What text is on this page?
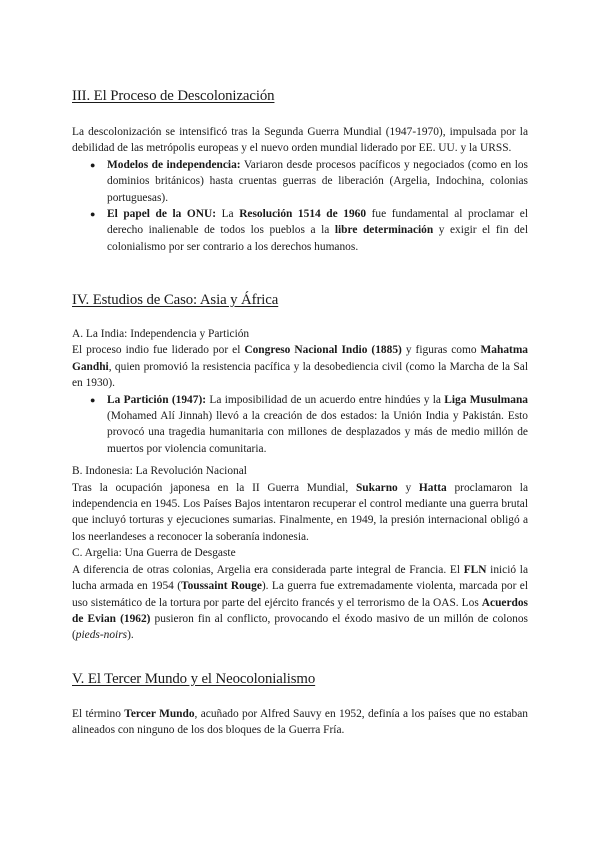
III. El Proceso de Descolonización

La descolonización se intensificó tras la Segunda Guerra Mundial (1947-1970), impulsada por la debilidad de las metrópolis europeas y el nuevo orden mundial liderado por EE. UU. y la URSS.

● Modelos de independencia: Variaron desde procesos pacíficos y negociados (como en los dominios británicos) hasta cruentas guerras de liberación (Argelia, Indochina, colonias portuguesas).
● El papel de la ONU: La Resolución 1514 de 1960 fue fundamental al proclamar el derecho inalienable de todos los pueblos a la libre determinación y exigir el fin del colonialismo por ser contrario a los derechos humanos.
IV. Estudios de Caso: Asia y África

A. La India: Independencia y Partición

El proceso indio fue liderado por el Congreso Nacional Indio (1885) y figuras como Mahatma Gandhi, quien promovió la resistencia pacífica y la desobediencia civil (como la Marcha de la Sal en 1930).

● La Partición (1947): La imposibilidad de un acuerdo entre hindúes y la Liga Musulmana (Mohamed Alí Jinnah) llevó a la creación de dos estados: la Unión India y Pakistán. Esto provocó una tragedia humanitaria con millones de desplazados y más de medio millón de muertos por violencia comunitaria.

B. Indonesia: La Revolución Nacional

Tras la ocupación japonesa en la II Guerra Mundial, Sukarno y Hatta proclamaron la independencia en 1945. Los Países Bajos intentaron recuperar el control mediante una guerra brutal que incluyó torturas y ejecuciones sumarias. Finalmente, en 1949, la presión internacional obligó a los neerlandeses a reconocer la soberanía indonesia.

C. Argelia: Una Guerra de Desgaste

A diferencia de otras colonias, Argelia era considerada parte integral de Francia. El FLN inició la lucha armada en 1954 (Toussaint Rouge). La guerra fue extremadamente violenta, marcada por el uso sistemático de la tortura por parte del ejército francés y el terrorismo de la OAS. Los Acuerdos de Evian (1962) pusieron fin al conflicto, provocando el éxodo masivo de un millón de colonos (pieds-noirs).

V. El Tercer Mundo y el Neocolonialismo

El término Tercer Mundo, acuñado por Alfred Sauvy en 1952, definía a los países que no estaban alineados con ninguno de los dos bloques de la Guerra Fría.
